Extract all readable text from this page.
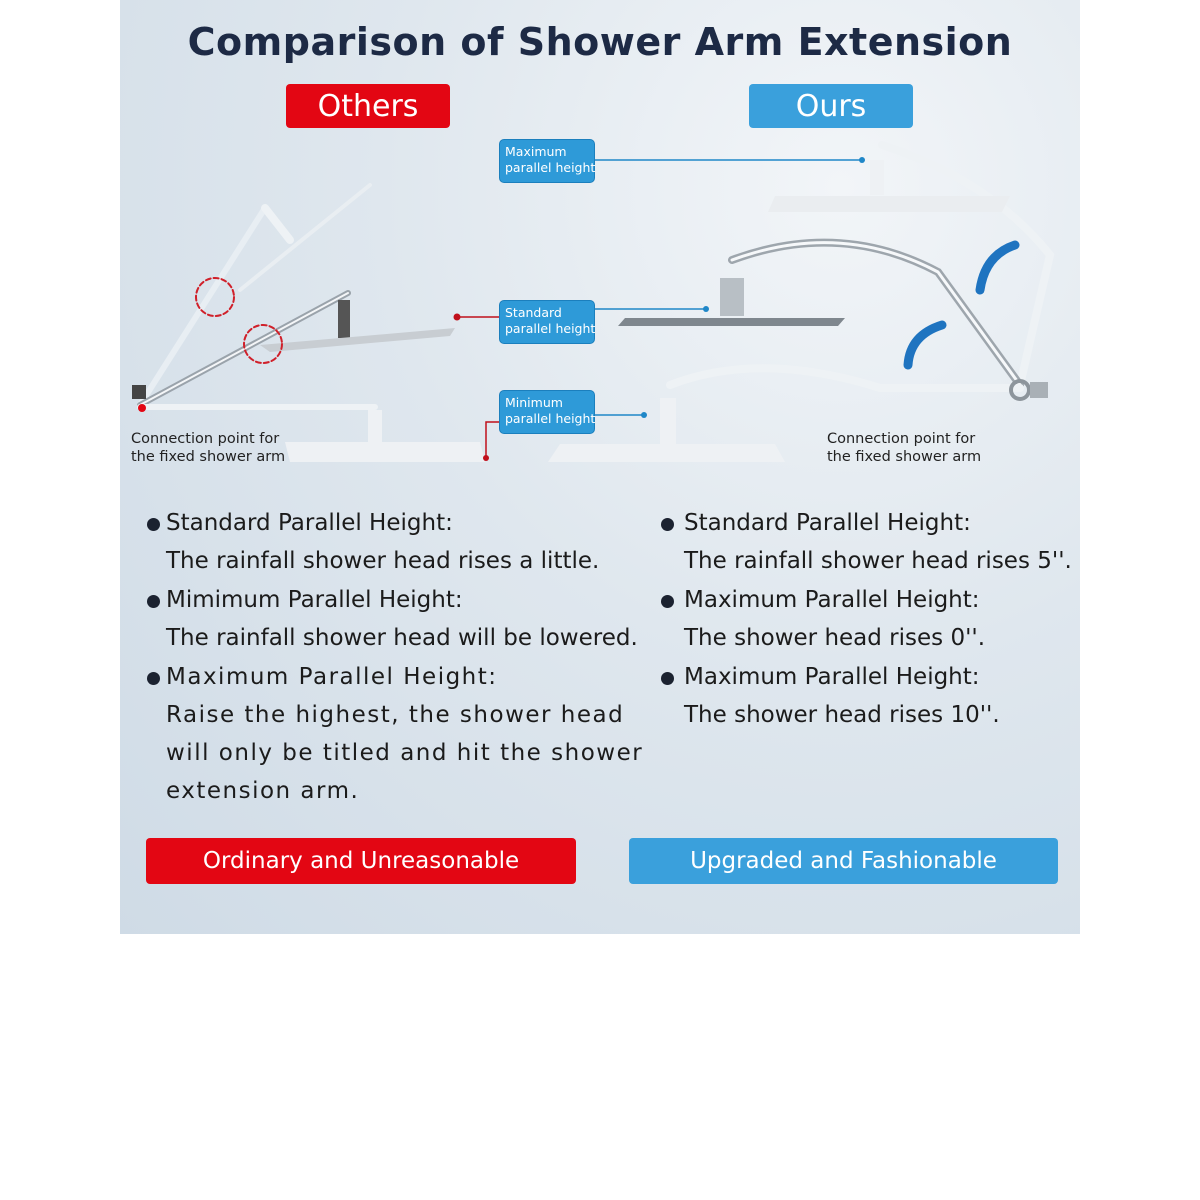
Comparison of Shower Arm Extension
Others	Ours
Maximum
parallel height
Standard
parallel height
Minimum
parallel height
Connection point for
the fixed shower arm
Connection point for
the fixed shower arm
Standard Parallel Height:
The rainfall shower head rises a little.
Mimimum Parallel Height:
The rainfall shower head will be lowered.
Maximum Parallel Height:
Raise the highest, the shower head
will only be titled and hit the shower
extension arm.
Standard Parallel Height:
The rainfall shower head rises 5''.
Maximum Parallel Height:
The shower head rises 0''.
Maximum Parallel Height:
The shower head rises 10''.
Ordinary and Unreasonable	Upgraded and Fashionable
